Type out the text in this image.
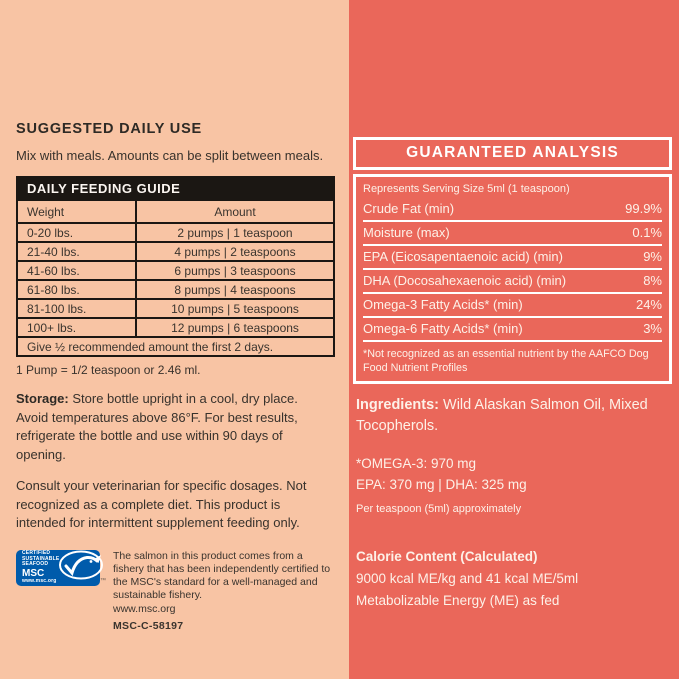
SUGGESTED DAILY USE

Mix with meals. Amounts can be split between meals.

DAILY FEEDING GUIDE	
Weight	Amount
0-20 lbs.	2 pumps | 1 teaspoon
21-40 lbs.	4 pumps | 2 teaspoons
41-60 lbs.	6 pumps | 3 teaspoons
61-80 lbs.	8 pumps | 4 teaspoons
81-100 lbs.	10 pumps | 5 teaspoons
100+ lbs.	12 pumps | 6 teaspoons
Give ½ recommended amount the first 2 days.	

1 Pump = 1/2 teaspoon or 2.46 ml.

Storage: Store bottle upright in a cool, dry place. Avoid temperatures above 86°F. For best results, refrigerate the bottle and use within 90 days of opening.

Consult your veterinarian for specific dosages. Not recognized as a complete diet. This product is intended for intermittent supplement feeding only.

CERTIFIED
SUSTAINABLE
SEAFOOD
MSC
www.msc.org	™

The salmon in this product comes from a fishery that has been independently certified to the MSC's standard for a well-managed and sustainable fishery.

www.msc.org

MSC-C-58197

GUARANTEED ANALYSIS
Represents Serving Size 5ml (1 teaspoon)
Crude Fat (min)	99.9%
Moisture (max)	0.1%
EPA (Eicosapentaenoic acid) (min)	9%
DHA (Docosahexaenoic acid) (min)	8%
Omega-3 Fatty Acids* (min)	24%
Omega-6 Fatty Acids* (min)	3%
*Not recognized as an essential nutrient by the AAFCO Dog Food Nutrient Profiles

Ingredients: Wild Alaskan Salmon Oil, Mixed Tocopherols.

*OMEGA-3: 970 mg

EPA: 370 mg | DHA: 325 mg

Per teaspoon (5ml) approximately

Calorie Content (Calculated)

9000 kcal ME/kg and 41 kcal ME/5ml

Metabolizable Energy (ME) as fed
